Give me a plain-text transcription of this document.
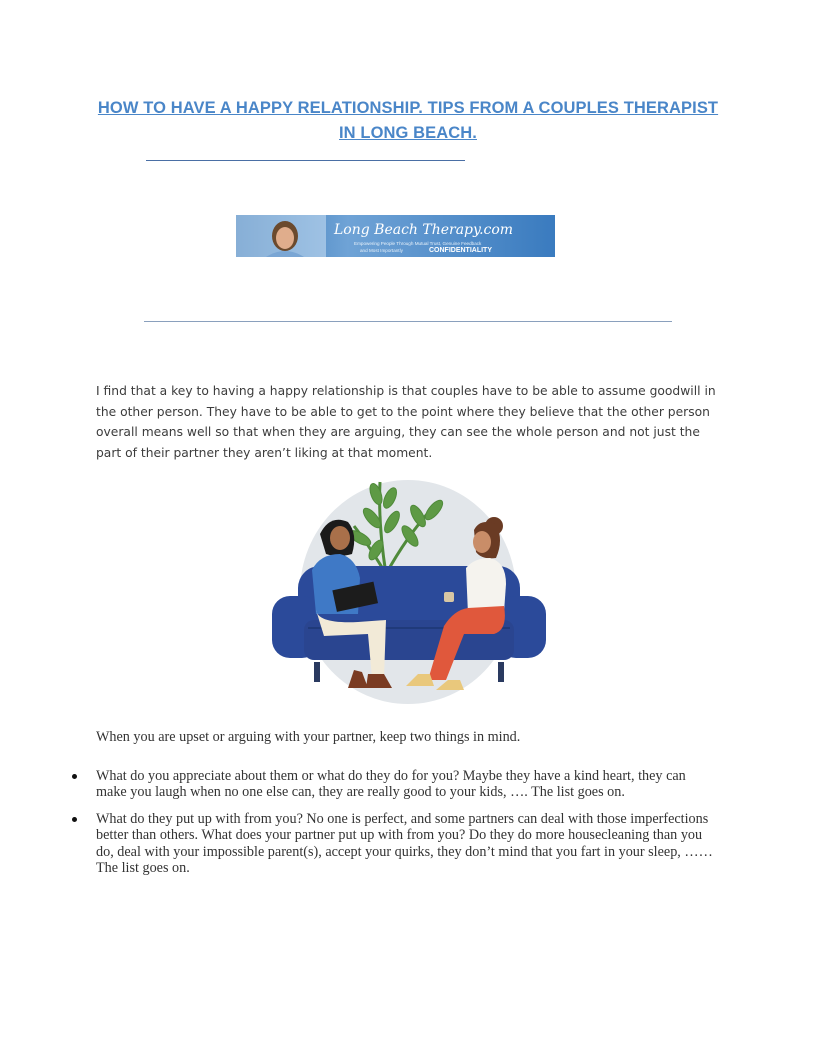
HOW TO HAVE A HAPPY RELATIONSHIP. TIPS FROM A COUPLES THERAPIST IN LONG BEACH.
Long Beach Therapy.com
Empowering People Through Mutual Trust, Genuine Feedback
and Most Importantly	CONFIDENTIALITY

I find that a key to having a happy relationship is that couples have to be able to assume goodwill in the other person. They have to be able to get to the point where they believe that the other person overall means well so that when they are arguing, they can see the whole person and not just the part of their partner they aren’t liking at that moment.

When you are upset or arguing with your partner, keep two things in mind.

What do you appreciate about them or what do they do for you? Maybe they have a kind heart, they can make you laugh when no one else can, they are really good to your kids, …. The list goes on.
What do they put up with from you? No one is perfect, and some partners can deal with those imperfections better than others. What does your partner put up with from you? Do they do more housecleaning than you do, deal with your impossible parent(s), accept your quirks, they don’t mind that you fart in your sleep, …… The list goes on.
